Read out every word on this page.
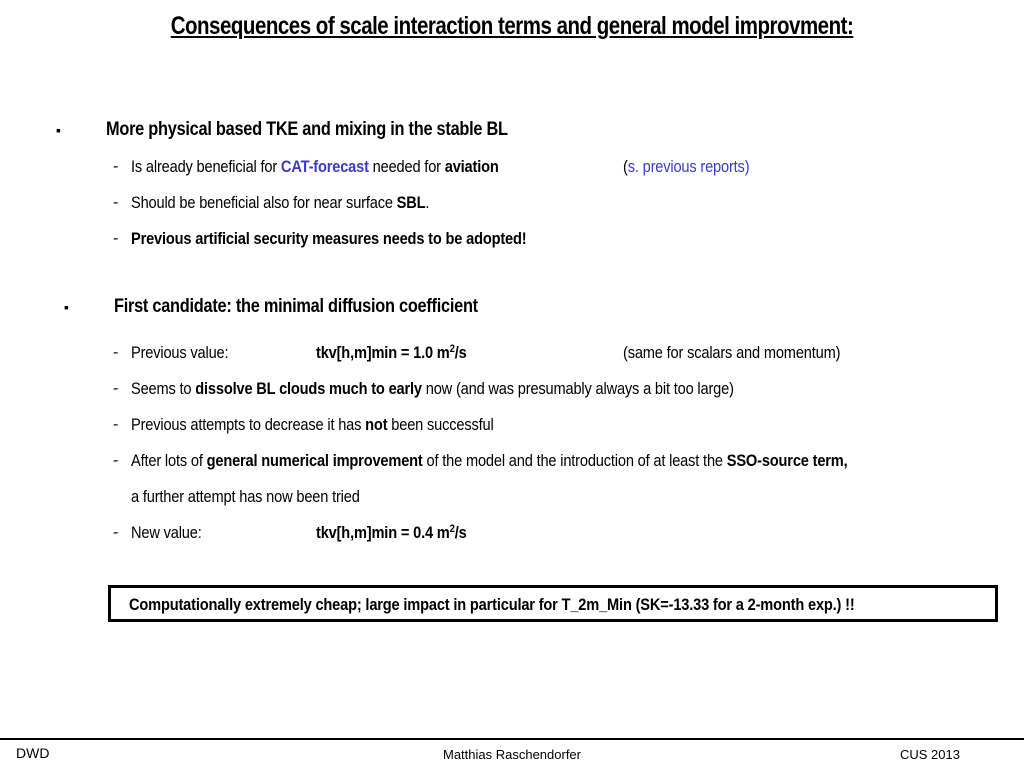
Consequences of scale interaction terms and general model improvment:
▪ More physical based TKE and mixing in the stable BL
- Is already beneficial for CAT-forecast needed for aviation	(s. previous reports)
- Should be beneficial also for near surface SBL.
- Previous artificial security measures needs to be adopted!
▪ First candidate: the minimal diffusion coefficient
- Previous value:	tkv[h,m]min = 1.0 $m^2/s$	(same for scalars and momentum)
- Seems to dissolve BL clouds much to early now (and was presumably always a bit too large)
- Previous attempts to decrease it has not been successful
- After lots of general numerical improvement of the model and the introduction of at least the SSO-source term,
a further attempt has now been tried
- New value:	tkv[h,m]min = 0.4 $m^2/s$
Computationally extremely cheap; large impact in particular for T_2m_Min (SK=-13.33 for a 2-month exp.) !!
DWD	Matthias Raschendorfer	CUS 2013
